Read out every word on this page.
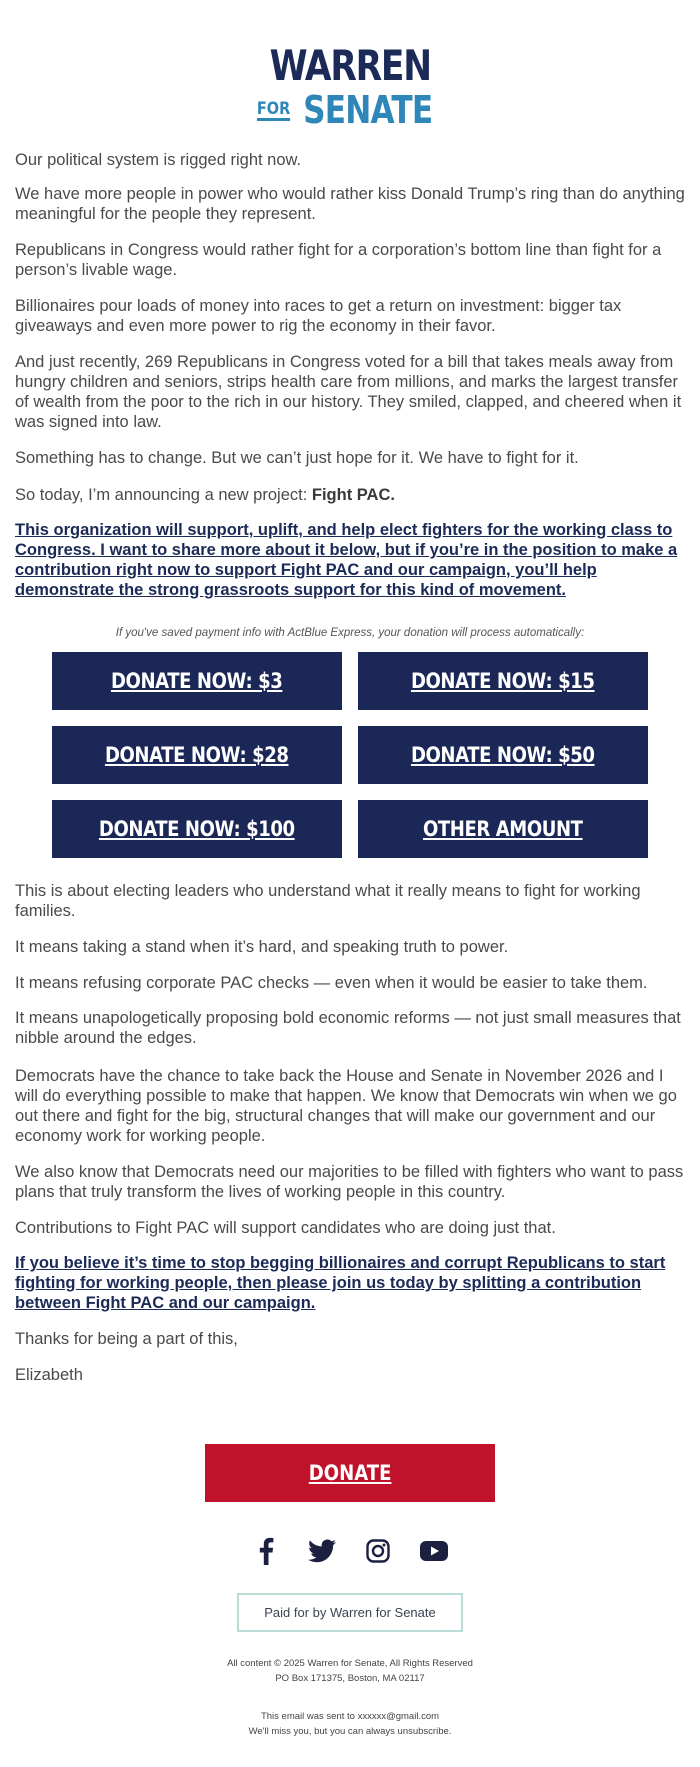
WARREN
FOR SENATE

Our political system is rigged right now.

We have more people in power who would rather kiss Donald Trump’s ring than do anything meaningful for the people they represent.

Republicans in Congress would rather fight for a corporation’s bottom line than fight for a person’s livable wage.

Billionaires pour loads of money into races to get a return on investment: bigger tax giveaways and even more power to rig the economy in their favor.

And just recently, 269 Republicans in Congress voted for a bill that takes meals away from hungry children and seniors, strips health care from millions, and marks the largest transfer of wealth from the poor to the rich in our history. They smiled, clapped, and cheered when it was signed into law.

Something has to change. But we can’t just hope for it. We have to fight for it.

So today, I’m announcing a new project: Fight PAC.

This organization will support, uplift, and help elect fighters for the working class to Congress. I want to share more about it below, but if you’re in the position to make a contribution right now to support Fight PAC and our campaign, you’ll help demonstrate the strong grassroots support for this kind of movement.
If you've saved payment info with ActBlue Express, your donation will process automatically:
DONATE NOW: $3	DONATE NOW: $15
DONATE NOW: $28	DONATE NOW: $50
DONATE NOW: $100	OTHER AMOUNT

This is about electing leaders who understand what it really means to fight for working families.

It means taking a stand when it’s hard, and speaking truth to power.

It means refusing corporate PAC checks — even when it would be easier to take them.

It means unapologetically proposing bold economic reforms — not just small measures that nibble around the edges.

Democrats have the chance to take back the House and Senate in November 2026 and I will do everything possible to make that happen. We know that Democrats win when we go out there and fight for the big, structural changes that will make our government and our economy work for working people.

We also know that Democrats need our majorities to be filled with fighters who want to pass plans that truly transform the lives of working people in this country.

Contributions to Fight PAC will support candidates who are doing just that.

If you believe it’s time to stop begging billionaires and corrupt Republicans to start fighting for working people, then please join us today by splitting a contribution between Fight PAC and our campaign.

Thanks for being a part of this,

Elizabeth

DONATE
Paid for by Warren for Senate
All content © 2025 Warren for Senate, All Rights Reserved
PO Box 171375, Boston, MA 02117
This email was sent to xxxxxx@gmail.com
We'll miss you, but you can always unsubscribe.
